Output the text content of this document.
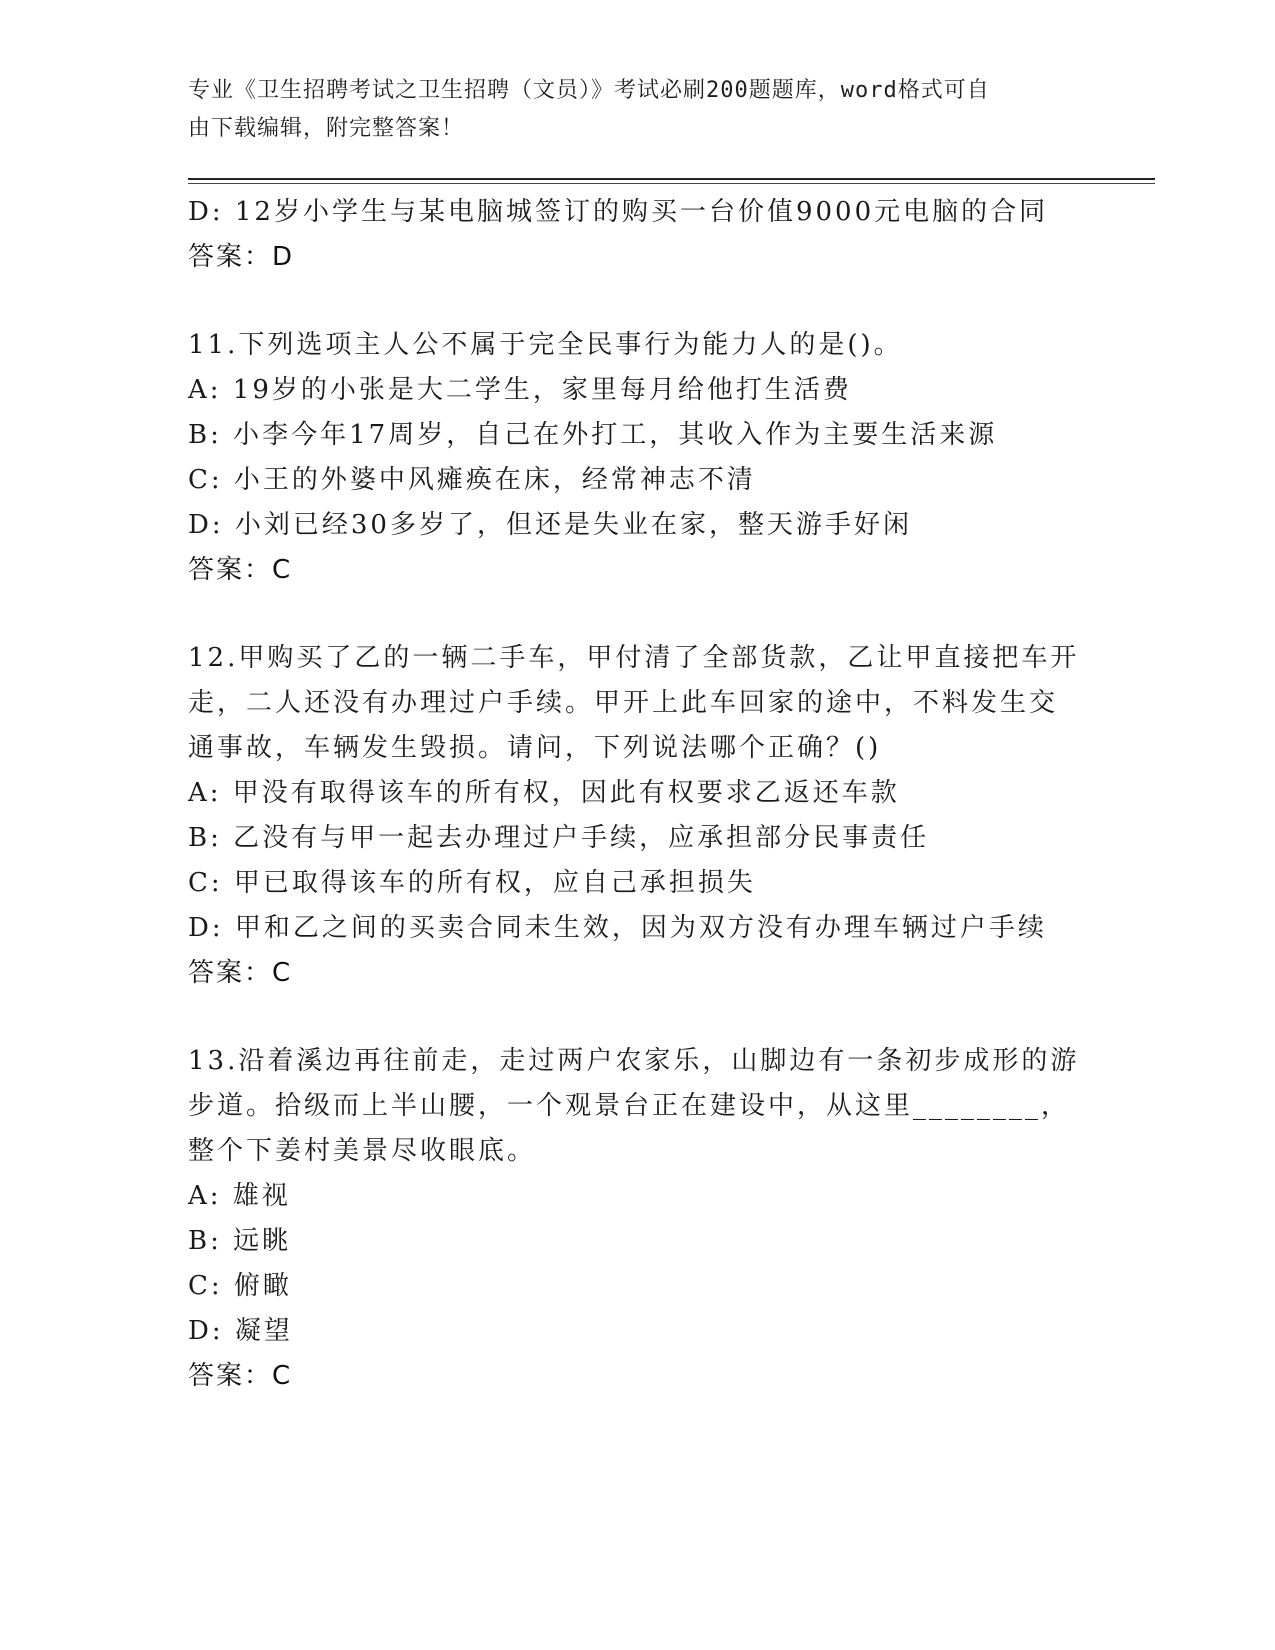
专业《卫生招聘考试之卫生招聘（文员）》考试必刷200题题库，word格式可自
由下载编辑，附完整答案！
D: 12岁小学生与某电脑城签订的购买一台价值9000元电脑的合同
答案：D
11.下列选项主人公不属于完全民事行为能力人的是()。
A: 19岁的小张是大二学生，家里每月给他打生活费
B: 小李今年17周岁，自己在外打工，其收入作为主要生活来源
C: 小王的外婆中风瘫痪在床，经常神志不清
D: 小刘已经30多岁了，但还是失业在家，整天游手好闲
答案：C
12.甲购买了乙的一辆二手车，甲付清了全部货款，乙让甲直接把车开
走，二人还没有办理过户手续。甲开上此车回家的途中，不料发生交
通事故，车辆发生毁损。请问，下列说法哪个正确？()
A: 甲没有取得该车的所有权，因此有权要求乙返还车款
B: 乙没有与甲一起去办理过户手续，应承担部分民事责任
C: 甲已取得该车的所有权，应自己承担损失
D: 甲和乙之间的买卖合同未生效，因为双方没有办理车辆过户手续
答案：C
13.沿着溪边再往前走，走过两户农家乐，山脚边有一条初步成形的游
步道。拾级而上半山腰，一个观景台正在建设中，从这里________，
整个下姜村美景尽收眼底。
A: 雄视
B: 远眺
C: 俯瞰
D: 凝望
答案：C
